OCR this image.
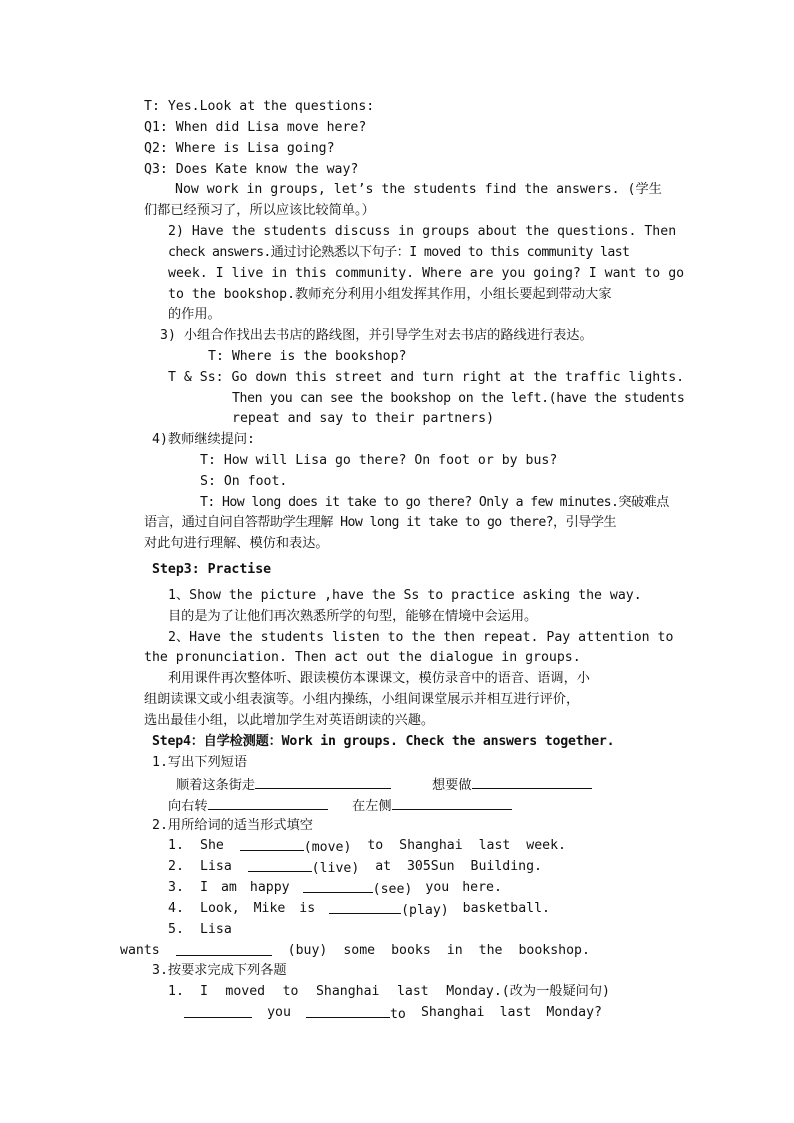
T: Yes.Look at the questions:
Q1: When did Lisa move here?
Q2: Where is Lisa going?
Q3: Does Kate know the way?
Now work in groups, let’s the students find the answers. (学生
们都已经预习了，所以应该比较简单。）
2) Have the students discuss in groups about the questions. Then
check answers.通过讨论熟悉以下句子：I moved to this community last
week. I live in this community. Where are you going? I want to go
to the bookshop.教师充分利用小组发挥其作用，小组长要起到带动大家
的作用。
3) 小组合作找出去书店的路线图，并引导学生对去书店的路线进行表达。
T: Where is the bookshop?
T & Ss: Go down this street and turn right at the traffic lights.
Then you can see the bookshop on the left.(have the students
repeat and say to their partners)
4)教师继续提问:
T: How will Lisa go there? On foot or by bus?
S: On foot.
T: How long does it take to go there? Only a few minutes.突破难点
语言，通过自问自答帮助学生理解 How long it take to go there?，引导学生
对此句进行理解、模仿和表达。
Step3: Practise
1、Show the picture ,have the Ss to practice asking the way.
目的是为了让他们再次熟悉所学的句型，能够在情境中会运用。
2、Have the students listen to the then repeat. Pay attention to
the pronunciation. Then act out the dialogue in groups.
利用课件再次整体听、跟读模仿本课课文，模仿录音中的语音、语调，小
组朗读课文或小组表演等。小组内操练，小组间课堂展示并相互进行评价，
选出最佳小组，以此增加学生对英语朗读的兴趣。
Step4：自学检测题：Work in groups. Check the answers together.
1.写出下列短语
顺着这条街走	想要做
向右转	在左侧
2.用所给词的适当形式填空
1. She	(move) to Shanghai last week.
2. Lisa	(live) at 305Sun Building.
3. I am happy	(see) you here.
4. Look, Mike is	(play) basketball.
5. Lisa
wants	(buy) some books in the bookshop.
3.按要求完成下列各题
1. I moved to Shanghai last Monday.(改为一般疑问句)
you	to Shanghai last Monday?
